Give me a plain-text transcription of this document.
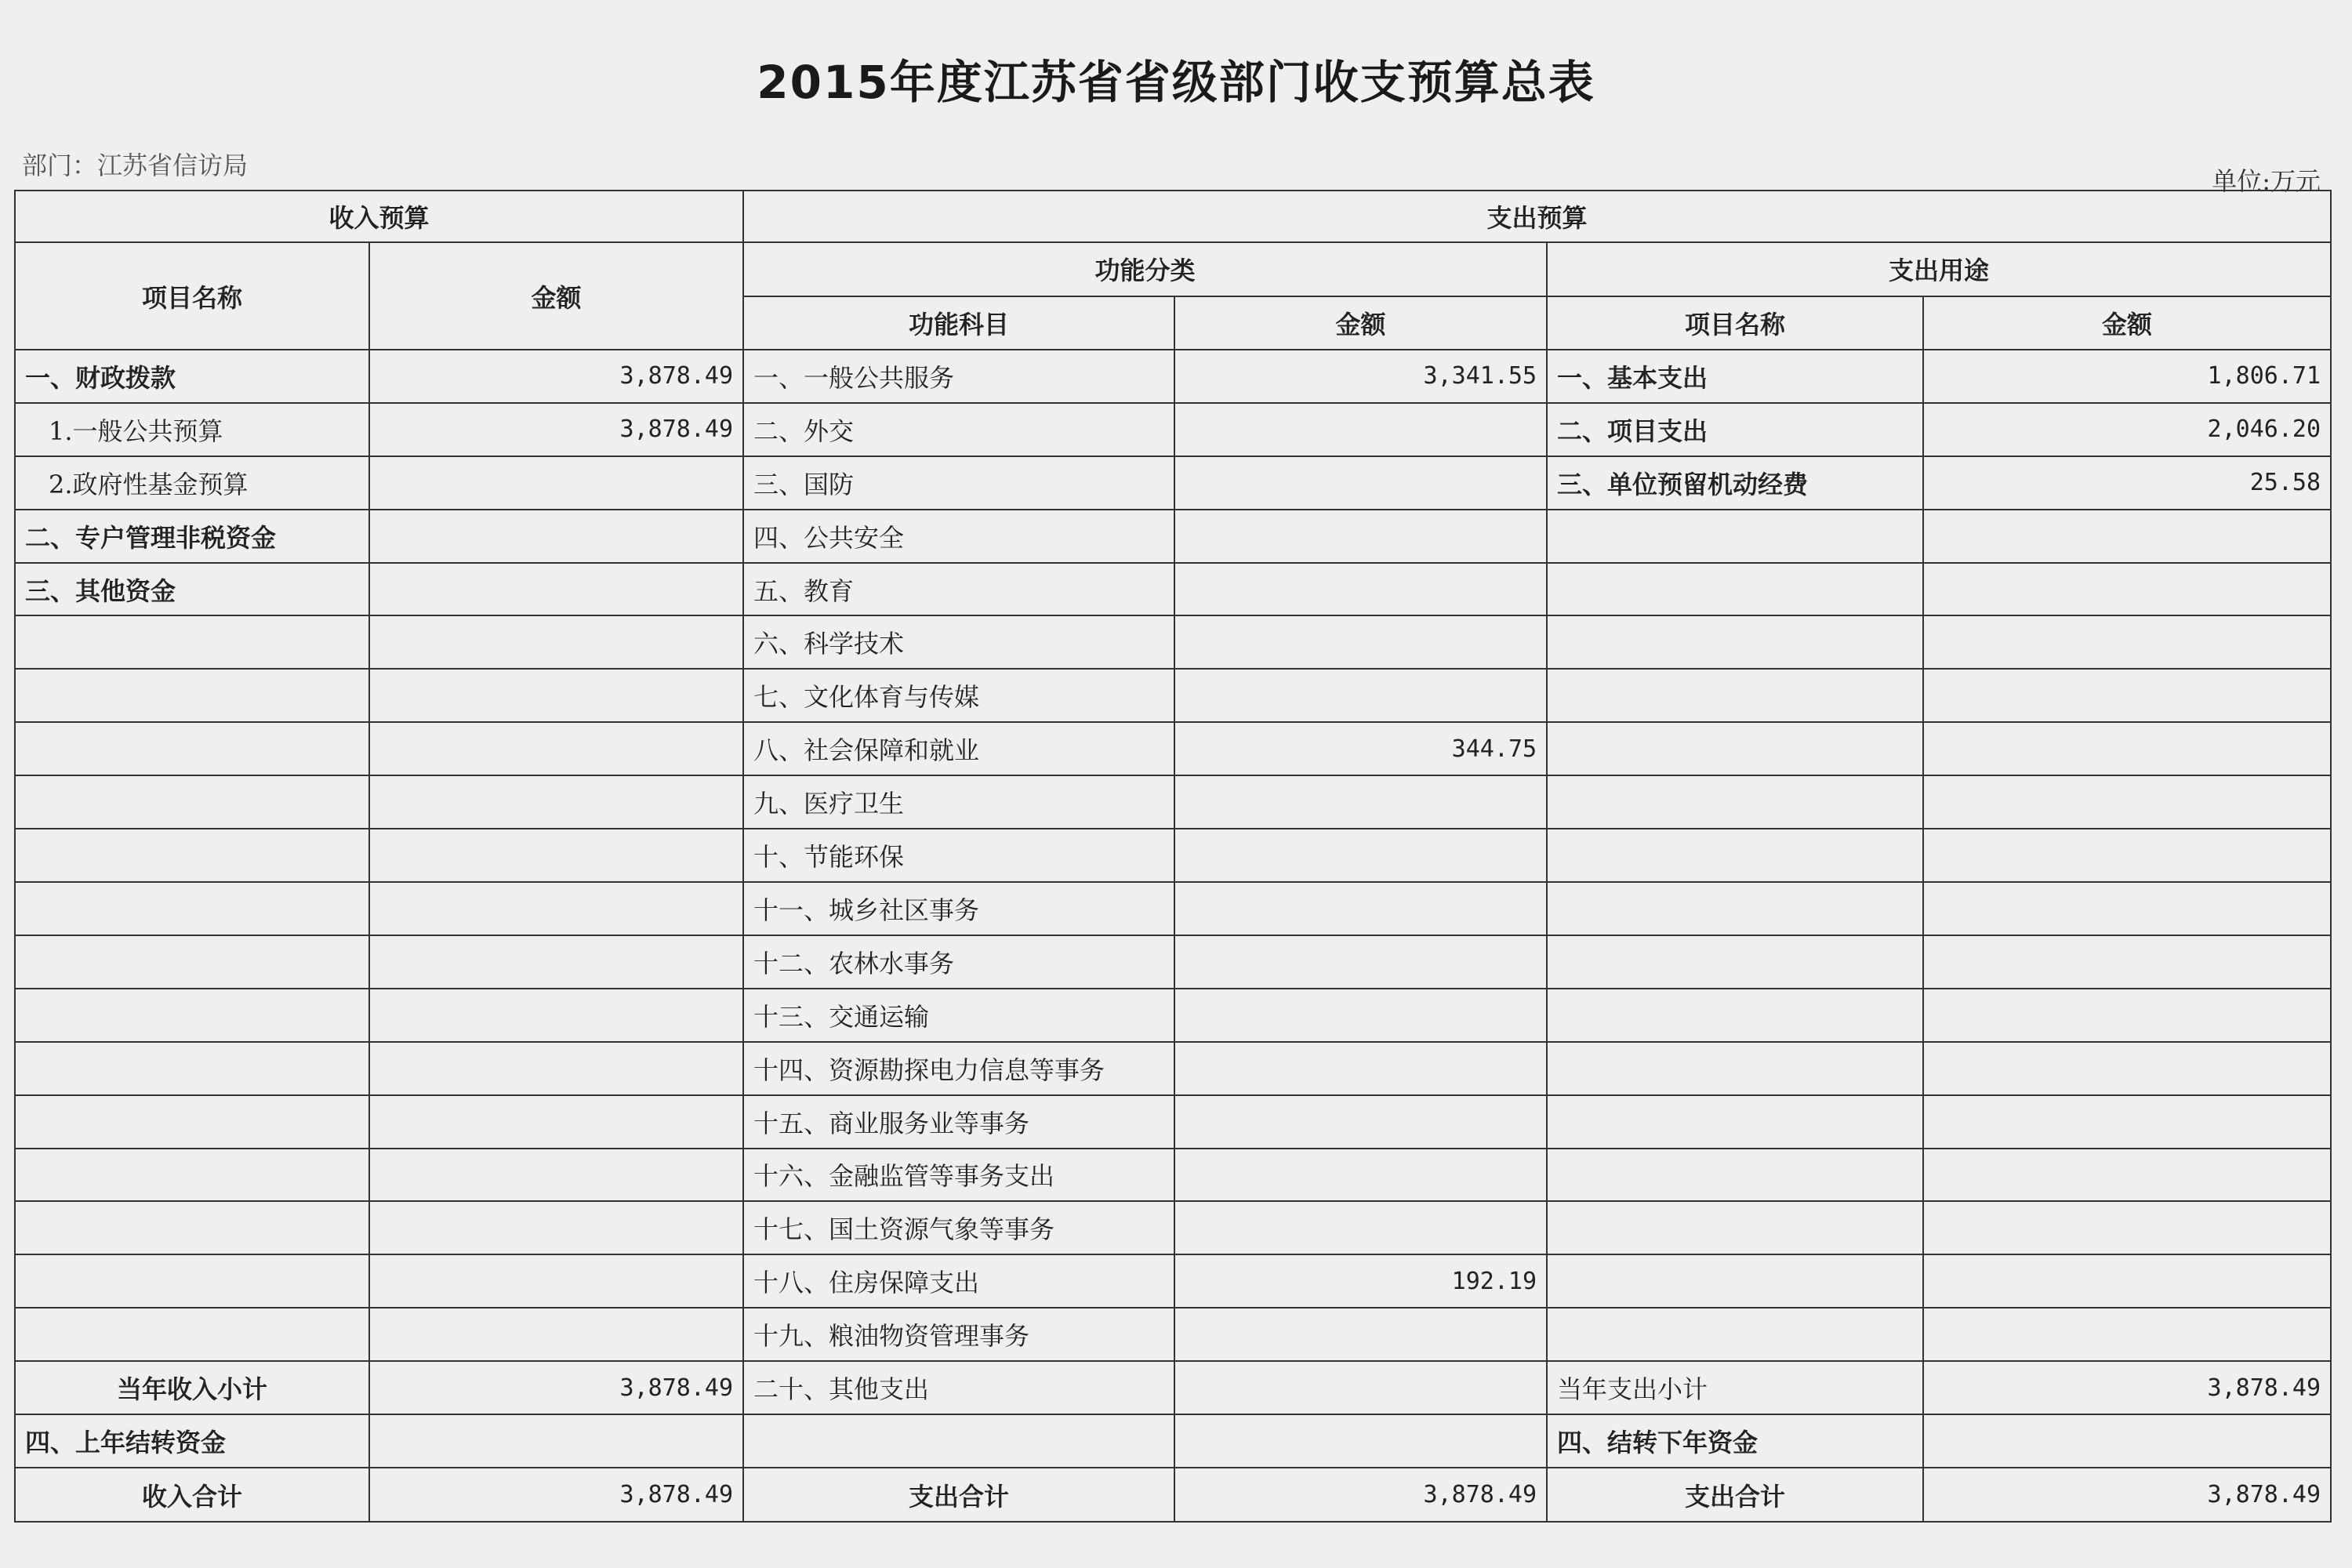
2015年度江苏省省级部门收支预算总表
部门：江苏省信访局
单位:万元
收入预算		支出预算			
项目名称	金额	功能分类		支出用途	
		功能科目	金额	项目名称	金额
一、财政拨款	3,878.49	一、一般公共服务	3,341.55	一、基本支出	1,806.71
1.一般公共预算	3,878.49	二、外交		二、项目支出	2,046.20
2.政府性基金预算		三、国防		三、单位预留机动经费	25.58
二、专户管理非税资金		四、公共安全			
三、其他资金		五、教育			
		六、科学技术			
		七、文化体育与传媒			
		八、社会保障和就业	344.75		
		九、医疗卫生			
		十、节能环保			
		十一、城乡社区事务			
		十二、农林水事务			
		十三、交通运输			
		十四、资源勘探电力信息等事务			
		十五、商业服务业等事务			
		十六、金融监管等事务支出			
		十七、国土资源气象等事务			
		十八、住房保障支出	192.19		
		十九、粮油物资管理事务			
当年收入小计	3,878.49	二十、其他支出		当年支出小计	3,878.49
四、上年结转资金				四、结转下年资金	
收入合计	3,878.49	支出合计	3,878.49	支出合计	3,878.49
